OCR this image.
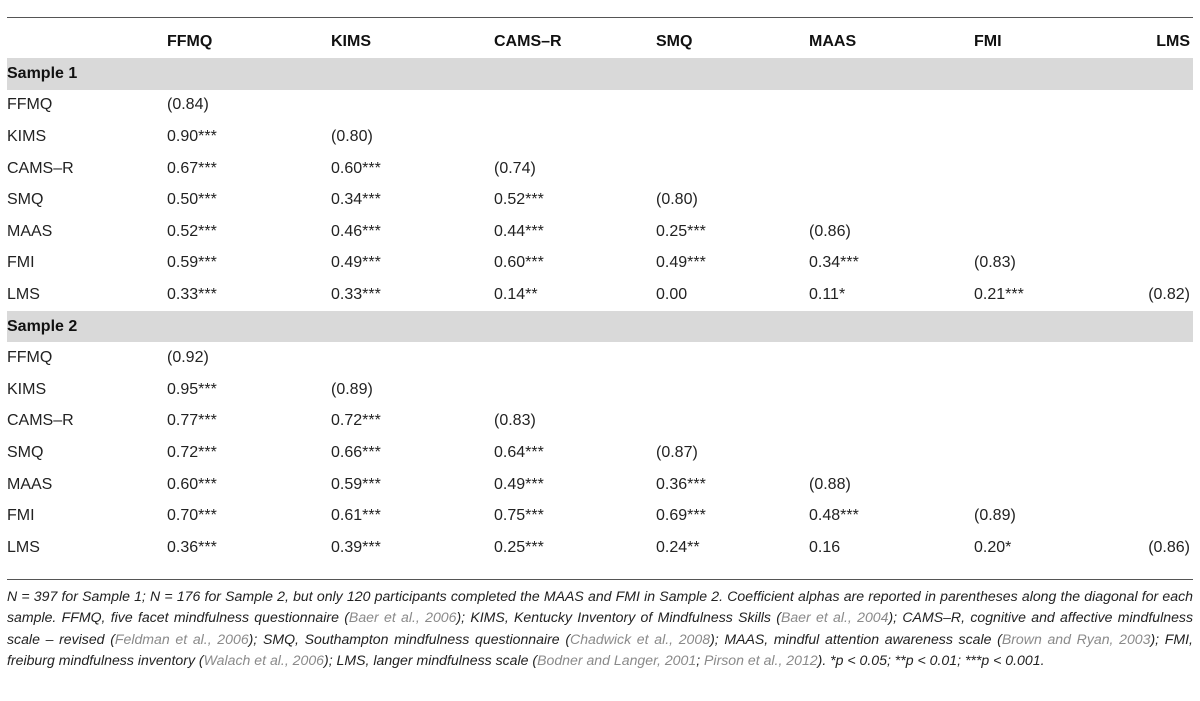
	FFMQ	KIMS	CAMS–R	SMQ	MAAS	FMI	LMS
Sample 1							
FFMQ	(0.84)						
KIMS	0.90***	(0.80)					
CAMS–R	0.67***	0.60***	(0.74)				
SMQ	0.50***	0.34***	0.52***	(0.80)			
MAAS	0.52***	0.46***	0.44***	0.25***	(0.86)		
FMI	0.59***	0.49***	0.60***	0.49***	0.34***	(0.83)	
LMS	0.33***	0.33***	0.14**	0.00	0.11*	0.21***	(0.82)
Sample 2							
FFMQ	(0.92)						
KIMS	0.95***	(0.89)					
CAMS–R	0.77***	0.72***	(0.83)				
SMQ	0.72***	0.66***	0.64***	(0.87)			
MAAS	0.60***	0.59***	0.49***	0.36***	(0.88)		
FMI	0.70***	0.61***	0.75***	0.69***	0.48***	(0.89)	
LMS	0.36***	0.39***	0.25***	0.24**	0.16	0.20*	(0.86)
N = 397 for Sample 1; N = 176 for Sample 2, but only 120 participants completed the MAAS and FMI in Sample 2. Coefficient alphas are reported in parentheses along the diagonal for each sample. FFMQ, five facet mindfulness questionnaire (Baer et al., 2006); KIMS, Kentucky Inventory of Mindfulness Skills (Baer et al., 2004); CAMS–R, cognitive and affective mindfulness scale – revised (Feldman et al., 2006); SMQ, Southampton mindfulness questionnaire (Chadwick et al., 2008); MAAS, mindful attention awareness scale (Brown and Ryan, 2003); FMI, freiburg mindfulness inventory (Walach et al., 2006); LMS, langer mindfulness scale (Bodner and Langer, 2001; Pirson et al., 2012). *p < 0.05; **p < 0.01; ***p < 0.001.
